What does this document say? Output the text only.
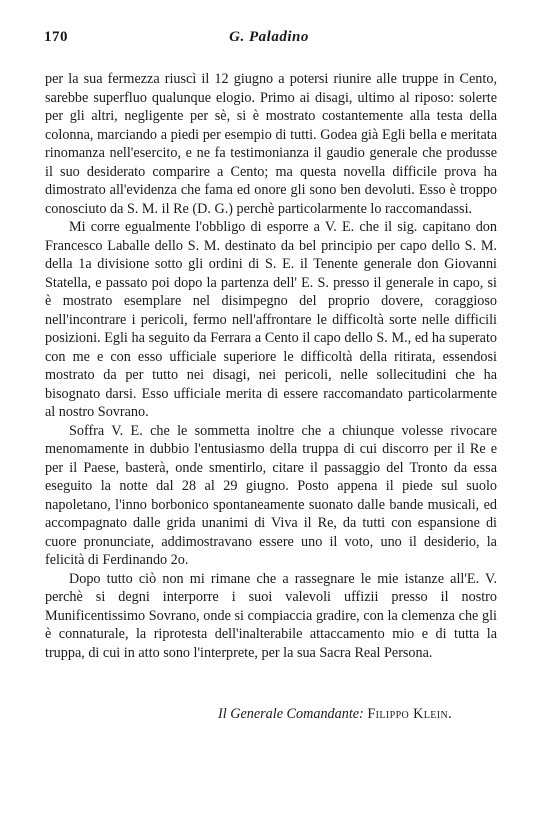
170	G. Paladino

per la sua fermezza riuscì il 12 giugno a potersi riunire alle truppe in Cento, sarebbe superfluo qualunque elogio. Primo ai disagi, ultimo al riposo: solerte per gli altri, negligente per sè, si è mostrato costantemente alla testa della colonna, marciando a piedi per esempio di tutti. Godea già Egli bella e meritata rinomanza nell'esercito, e ne fa testimonianza il gaudio generale che produsse il suo desiderato comparire a Cento; ma questa novella difficile prova ha dimostrato all'evidenza che fama ed onore gli sono ben devoluti. Esso è troppo conosciuto da S. M. il Re (D. G.) perchè particolarmente lo raccomandassi.

Mi corre egualmente l'obbligo di esporre a V. E. che il sig. capitano don Francesco Laballe dello S. M. destinato da bel principio per capo dello S. M. della 1a divisione sotto gli ordini di S. E. il Tenente generale don Giovanni Statella, e passato poi dopo la partenza dell' E. S. presso il generale in capo, si è mostrato esemplare nel disimpegno del proprio dovere, coraggioso nell'incontrare i pericoli, fermo nell'affrontare le difficoltà sorte nelle difficili posizioni. Egli ha seguito da Ferrara a Cento il capo dello S. M., ed ha superato con me e con esso ufficiale superiore le difficoltà della ritirata, essendosi mostrato da per tutto nei disagi, nei pericoli, nelle sollecitudini che ha bisognato darsi. Esso ufficiale merita di essere raccomandato particolarmente al nostro Sovrano.

Soffra V. E. che le sommetta inoltre che a chiunque volesse rivocare menomamente in dubbio l'entusiasmo della truppa di cui discorro per il Re e per il Paese, basterà, onde smentirlo, citare il passaggio del Tronto da essa eseguito la notte dal 28 al 29 giugno. Posto appena il piede sul suolo napoletano, l'inno borbonico spontaneamente suonato dalle bande musicali, ed accompagnato dalle grida unanimi di Viva il Re, da tutti con espansione di cuore pronunciate, addimostravano essere uno il voto, uno il desiderio, la felicità di Ferdinando 2o.

Dopo tutto ciò non mi rimane che a rassegnare le mie istanze all'E. V. perchè si degni interporre i suoi valevoli uffizii presso il nostro Munificentissimo Sovrano, onde si compiaccia gradire, con la clemenza che gli è connaturale, la riprotesta dell'inalterabile attaccamento mio e di tutta la truppa, di cui in atto sono l'interprete, per la sua Sacra Real Persona.

Il Generale Comandante: Filippo Klein.
